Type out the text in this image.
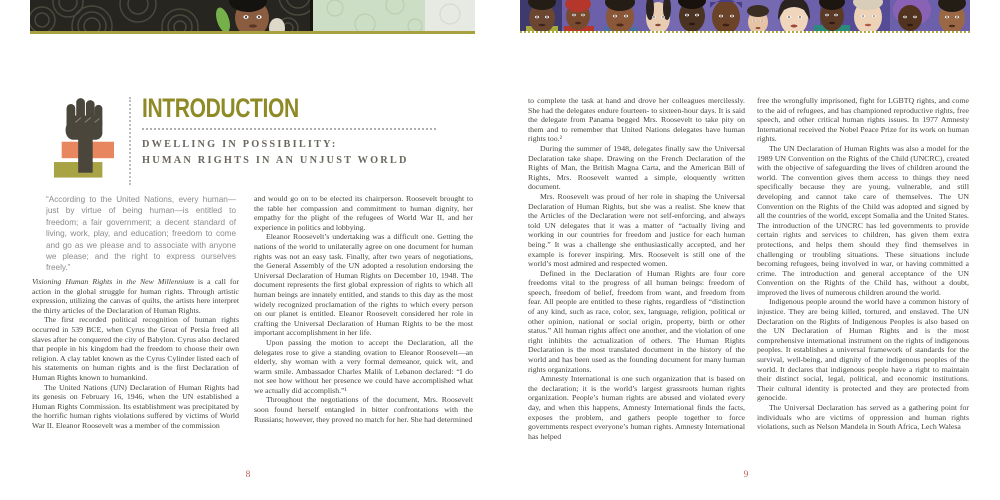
INTRODUCTION
DWELLING IN POSSIBILITY:
HUMAN RIGHTS IN AN UNJUST WORLD
“According to the United Nations, every human—just by virtue of being human—is entitled to freedom; a fair government; a decent standard of living, work, play, and education; freedom to come and go as we please and to associate with anyone we please; and the right to express ourselves freely.”

Visioning Human Rights in the New Millennium is a call for action in the global struggle for human rights. Through artistic expression, utilizing the canvas of quilts, the artists here interpret the thirty articles of the Declaration of Human Rights.

The first recorded political recognition of human rights occurred in 539 BCE, when Cyrus the Great of Persia freed all slaves after he conquered the city of Babylon. Cyrus also declared that people in his kingdom had the freedom to choose their own religion. A clay tablet known as the Cyrus Cylinder listed each of his statements on human rights and is the first Declaration of Human Rights known to humankind.

The United Nations (UN) Declaration of Human Rights had its genesis on February 16, 1946, when the UN established a Human Rights Commission. Its establishment was precipitated by the horrific human rights violations suffered by victims of World War II. Eleanor Roosevelt was a member of the commission

and would go on to be elected its chairperson. Roosevelt brought to the table her compassion and commitment to human dignity, her empathy for the plight of the refugees of World War II, and her experience in politics and lobbying.

Eleanor Roosevelt’s undertaking was a difficult one. Getting the nations of the world to unilaterally agree on one document for human rights was not an easy task. Finally, after two years of negotiations, the General Assembly of the UN adopted a resolution endorsing the Universal Declaration of Human Rights on December 10, 1948. The document represents the first global expression of rights to which all human beings are innately entitled, and stands to this day as the most widely recognized proclamation of the rights to which every person on our planet is entitled. Eleanor Roosevelt considered her role in crafting the Universal Declaration of Human Rights to be the most important accomplishment in her life.

Upon passing the motion to accept the Declaration, all the delegates rose to give a standing ovation to Eleanor Roosevelt—an elderly, shy woman with a very formal demeanor, quick wit, and warm smile. Ambassador Charles Malik of Lebanon declared: “I do not see how without her presence we could have accomplished what we actually did accomplish.”¹

Throughout the negotiations of the document, Mrs. Roosevelt soon found herself entangled in bitter confrontations with the Russians; however, they proved no match for her. She had determined

to complete the task at hand and drove her colleagues mercilessly. She had the delegates endure fourteen- to sixteen-hour days. It is said the delegate from Panama begged Mrs. Roosevelt to take pity on them and to remember that United Nations delegates have human rights too.²

During the summer of 1948, delegates finally saw the Universal Declaration take shape. Drawing on the French Declaration of the Rights of Man, the British Magna Carta, and the American Bill of Rights, Mrs. Roosevelt wanted a simple, eloquently written document.

Mrs. Roosevelt was proud of her role in shaping the Universal Declaration of Human Rights, but she was a realist. She knew that the Articles of the Declaration were not self-enforcing, and always told UN delegates that it was a matter of “actually living and working in our countries for freedom and justice for each human being.” It was a challenge she enthusiastically accepted, and her example is forever inspiring. Mrs. Roosevelt is still one of the world’s most admired and respected women.

Defined in the Declaration of Human Rights are four core freedoms vital to the progress of all human beings: freedom of speech, freedom of belief, freedom from want, and freedom from fear. All people are entitled to these rights, regardless of “distinction of any kind, such as race, color, sex, language, religion, political or other opinion, national or social origin, property, birth or other status.” All human rights affect one another, and the violation of one right inhibits the actualization of others. The Human Rights Declaration is the most translated document in the history of the world and has been used as the founding document for many human rights organizations.

Amnesty International is one such organization that is based on the declaration; it is the world’s largest grassroots human rights organization. People’s human rights are abused and violated every day, and when this happens, Amnesty International finds the facts, exposes the problem, and gathers people together to force governments respect everyone’s human rights. Amnesty International has helped

free the wrongfully imprisoned, fight for LGBTQ rights, and come to the aid of refugees, and has championed reproductive rights, free speech, and other critical human rights issues. In 1977 Amnesty International received the Nobel Peace Prize for its work on human rights.

The UN Declaration of Human Rights was also a model for the 1989 UN Convention on the Rights of the Child (UNCRC), created with the objective of safeguarding the lives of children around the world. The convention gives them access to things they need specifically because they are young, vulnerable, and still developing and cannot take care of themselves. The UN Convention on the Rights of the Child was adopted and signed by all the countries of the world, except Somalia and the United States. The introduction of the UNCRC has led governments to provide certain rights and services to children, has given them extra protections, and helps them should they find themselves in challenging or troubling situations. These situations include becoming refugees, being involved in war, or having committed a crime. The introduction and general acceptance of the UN Convention on the Rights of the Child has, without a doubt, improved the lives of numerous children around the world.

Indigenous people around the world have a common history of injustice. They are being killed, tortured, and enslaved. The UN Declaration on the Rights of Indigenous Peoples is also based on the UN Declaration of Human Rights and is the most comprehensive international instrument on the rights of indigenous peoples. It establishes a universal framework of standards for the survival, well-being, and dignity of the indigenous peoples of the world. It declares that indigenous people have a right to maintain their distinct social, legal, political, and economic institutions. Their cultural identity is protected and they are protected from genocide.

The Universal Declaration has served as a gathering point for individuals who are victims of oppression and human rights violations, such as Nelson Mandela in South Africa, Lech Walesa

8	9
